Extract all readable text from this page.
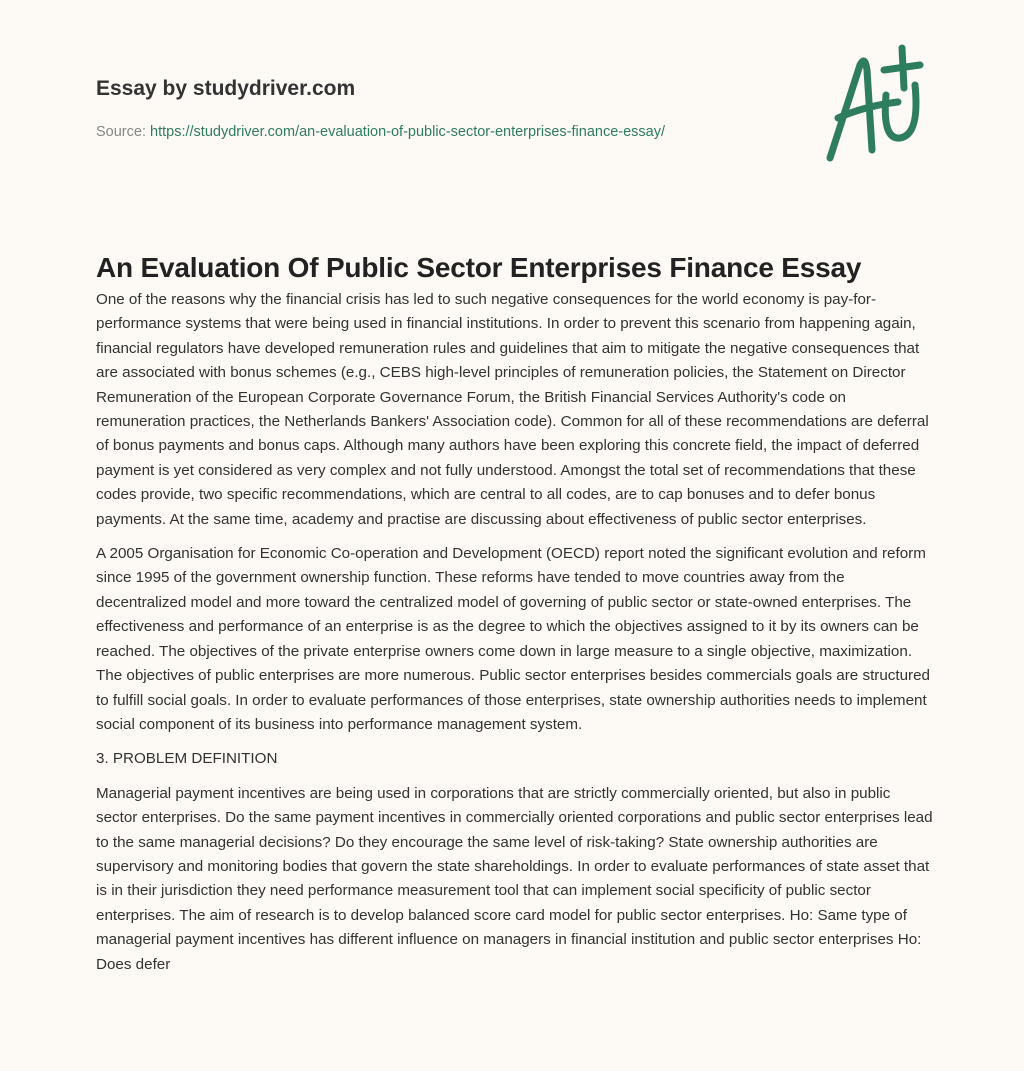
Essay by studydriver.com
Source: https://studydriver.com/an-evaluation-of-public-sector-enterprises-finance-essay/
An Evaluation Of Public Sector Enterprises Finance Essay

One of the reasons why the financial crisis has led to such negative consequences for the world economy is pay-for-performance systems that were being used in financial institutions. In order to prevent this scenario from happening again, financial regulators have developed remuneration rules and guidelines that aim to mitigate the negative consequences that are associated with bonus schemes (e.g., CEBS high-level principles of remuneration policies, the Statement on Director Remuneration of the European Corporate Governance Forum, the British Financial Services Authority's code on remuneration practices, the Netherlands Bankers' Association code). Common for all of these recommendations are deferral of bonus payments and bonus caps. Although many authors have been exploring this concrete field, the impact of deferred payment is yet considered as very complex and not fully understood. Amongst the total set of recommendations that these codes provide, two specific recommendations, which are central to all codes, are to cap bonuses and to defer bonus payments. At the same time, academy and practise are discussing about effectiveness of public sector enterprises.

A 2005 Organisation for Economic Co-operation and Development (OECD) report noted the significant evolution and reform since 1995 of the government ownership function. These reforms have tended to move countries away from the decentralized model and more toward the centralized model of governing of public sector or state-owned enterprises. The effectiveness and performance of an enterprise is as the degree to which the objectives assigned to it by its owners can be reached. The objectives of the private enterprise owners come down in large measure to a single objective, maximization. The objectives of public enterprises are more numerous. Public sector enterprises besides commercials goals are structured to fulfill social goals. In order to evaluate performances of those enterprises, state ownership authorities needs to implement social component of its business into performance management system.

3. PROBLEM DEFINITION

Managerial payment incentives are being used in corporations that are strictly commercially oriented, but also in public sector enterprises. Do the same payment incentives in commercially oriented corporations and public sector enterprises lead to the same managerial decisions? Do they encourage the same level of risk-taking? State ownership authorities are supervisory and monitoring bodies that govern the state shareholdings. In order to evaluate performances of state asset that is in their jurisdiction they need performance measurement tool that can implement social specificity of public sector enterprises. The aim of research is to develop balanced score card model for public sector enterprises. Ho: Same type of managerial payment incentives has different influence on managers in financial institution and public sector enterprises Ho: Does defer
